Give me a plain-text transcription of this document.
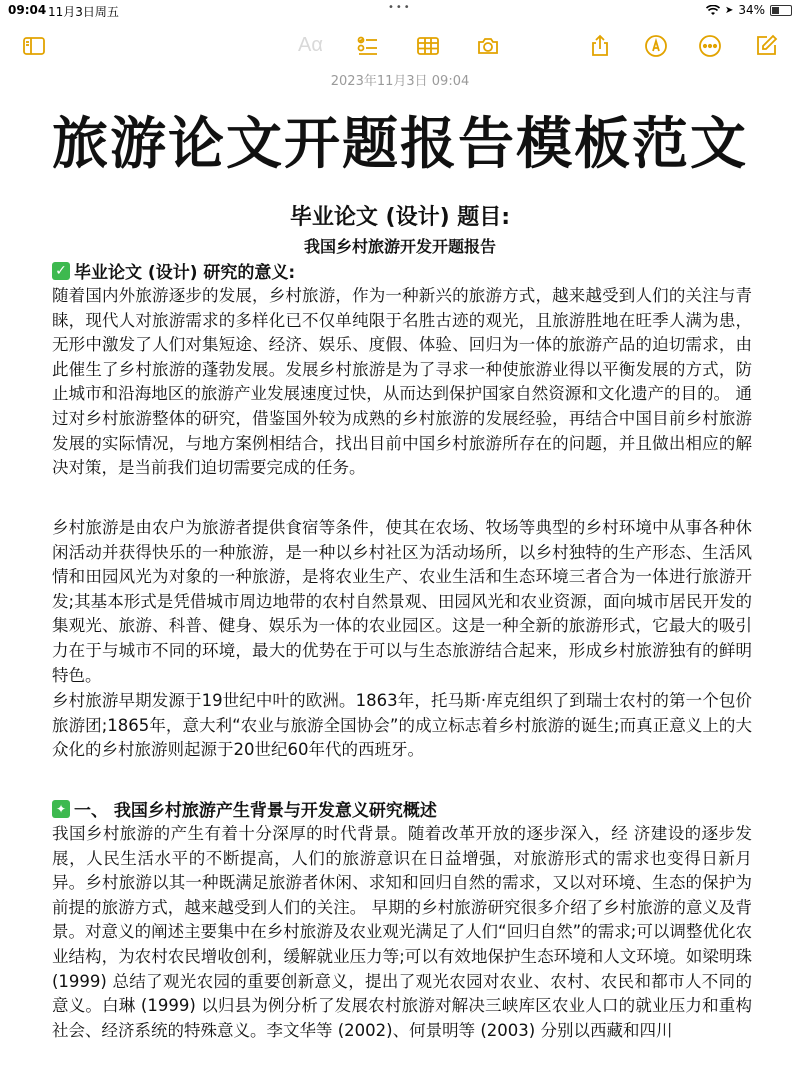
09:04 11月3日周五	•••	➤ 34%
Aα
2023年11月3日 09:04
旅游论文开题报告模板范文
毕业论文 (设计) 题目:
我国乡村旅游开发开题报告
✓ 毕业论文 (设计) 研究的意义:
随着国内外旅游逐步的发展，乡村旅游，作为一种新兴的旅游方式，越来越受到人们的关注与青睐，现代人对旅游需求的多样化已不仅单纯限于名胜古迹的观光，且旅游胜地在旺季人满为患，无形中激发了人们对集短途、经济、娱乐、度假、体验、回归为一体的旅游产品的迫切需求，由此催生了乡村旅游的蓬勃发展。发展乡村旅游是为了寻求一种使旅游业得以平衡发展的方式，防止城市和沿海地区的旅游产业发展速度过快，从而达到保护国家自然资源和文化遗产的目的。 通过对乡村旅游整体的研究，借鉴国外较为成熟的乡村旅游的发展经验，再结合中国目前乡村旅游发展的实际情况，与地方案例相结合，找出目前中国乡村旅游所存在的问题，并且做出相应的解决对策，是当前我们迫切需要完成的任务。
乡村旅游是由农户为旅游者提供食宿等条件，使其在农场、牧场等典型的乡村环境中从事各种休闲活动并获得快乐的一种旅游，是一种以乡村社区为活动场所，以乡村独特的生产形态、生活风情和田园风光为对象的一种旅游，是将农业生产、农业生活和生态环境三者合为一体进行旅游开发;其基本形式是凭借城市周边地带的农村自然景观、田园风光和农业资源，面向城市居民开发的集观光、旅游、科普、健身、娱乐为一体的农业园区。这是一种全新的旅游形式，它最大的吸引力在于与城市不同的环境，最大的优势在于可以与生态旅游结合起来，形成乡村旅游独有的鲜明特色。
乡村旅游早期发源于19世纪中叶的欧洲。1863年，托马斯·库克组织了到瑞士农村的第一个包价旅游团;1865年，意大利“农业与旅游全国协会”的成立标志着乡村旅游的诞生;而真正意义上的大众化的乡村旅游则起源于20世纪60年代的西班牙。
✦ 一、 我国乡村旅游产生背景与开发意义研究概述
我国乡村旅游的产生有着十分深厚的时代背景。随着改革开放的逐步深入，经 济建设的逐步发展，人民生活水平的不断提高，人们的旅游意识在日益增强，对旅游形式的需求也变得日新月异。乡村旅游以其一种既满足旅游者休闲、求知和回归自然的需求，又以对环境、生态的保护为前提的旅游方式，越来越受到人们的关注。 早期的乡村旅游研究很多介绍了乡村旅游的意义及背景。对意义的阐述主要集中在乡村旅游及农业观光满足了人们“回归自然”的需求;可以调整优化农业结构，为农村农民增收创利，缓解就业压力等;可以有效地保护生态环境和人文环境。如梁明珠 (1999) 总结了观光农园的重要创新意义，提出了观光农园对农业、农村、农民和都市人不同的意义。白琳 (1999) 以归县为例分析了发展农村旅游对解决三峡库区农业人口的就业压力和重构社会、经济系统的特殊意义。李文华等 (2002)、何景明等 (2003) 分别以西藏和四川
